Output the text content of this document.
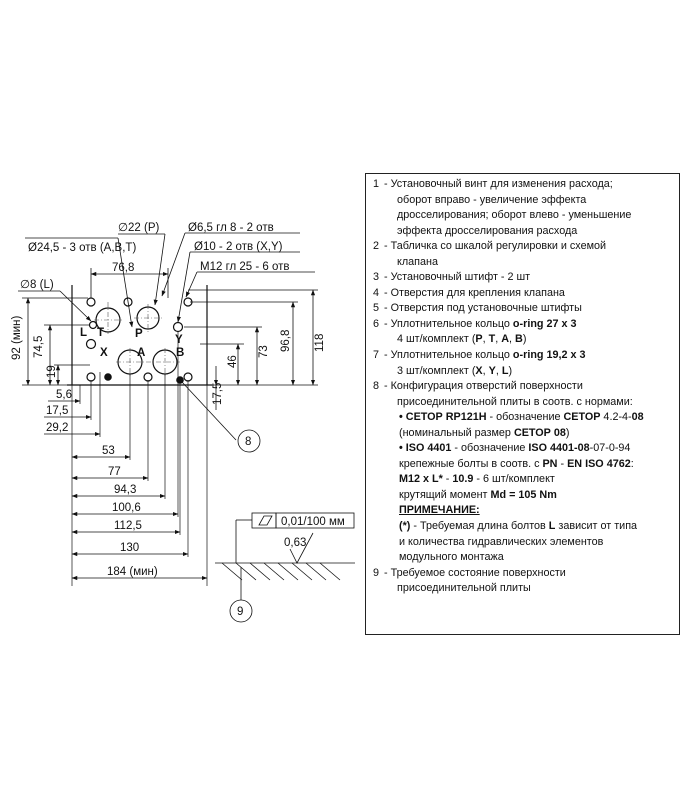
L T	P	Y
X	A	B
∅22 (P)
Ø24,5 - 3 отв (A,B,T)
Ø6,5 гл 8 - 2 отв
Ø10 - 2 отв (X,Y)
M12 гл 25 - 6 отв
∅8 (L)
76,8
92 (мин) 74,5
19
118
96,8
73
46
17,5
5,6
17,5
29,2
53
77
94,3
100,6
112,5
130
184 (мин)
8
0,01/100 мм
0,63
9
1 - Установочный винт для изменения расхода;
оборот вправо - увеличение эффекта
дросселирования; оборот влево - уменьшение
эффекта дросселирования расхода
2 - Табличка со шкалой регулировки и схемой
клапана
3 - Установочный штифт - 2 шт
4 - Отверстия для крепления клапана
5 - Отверстия под установочные штифты
6 - Уплотнительное кольцо o-ring 27 x 3
4 шт/комплект (P, T, A, B)
7 - Уплотнительное кольцо o-ring 19,2 x 3
3 шт/комплект (X, Y, L)
8 - Конфигурация отверстий поверхности
присоединительной плиты в соотв. с нормами:
• СЕТОР RP121H - обозначение СЕТОР 4.2-4-08
(номинальный размер СЕТОР 08)
• ISO 4401 - обозначение ISO 4401-08-07-0-94
крепежные болты в соотв. с PN - EN ISO 4762:
M12 x L* - 10.9 - 6 шт/комплект
крутящий момент Md = 105 Nm
ПРИМЕЧАНИЕ:
(*) - Требуемая длина болтов L зависит от типа
и количества гидравлических элементов
модульного монтажа
9 - Требуемое состояние поверхности
присоединительной плиты
